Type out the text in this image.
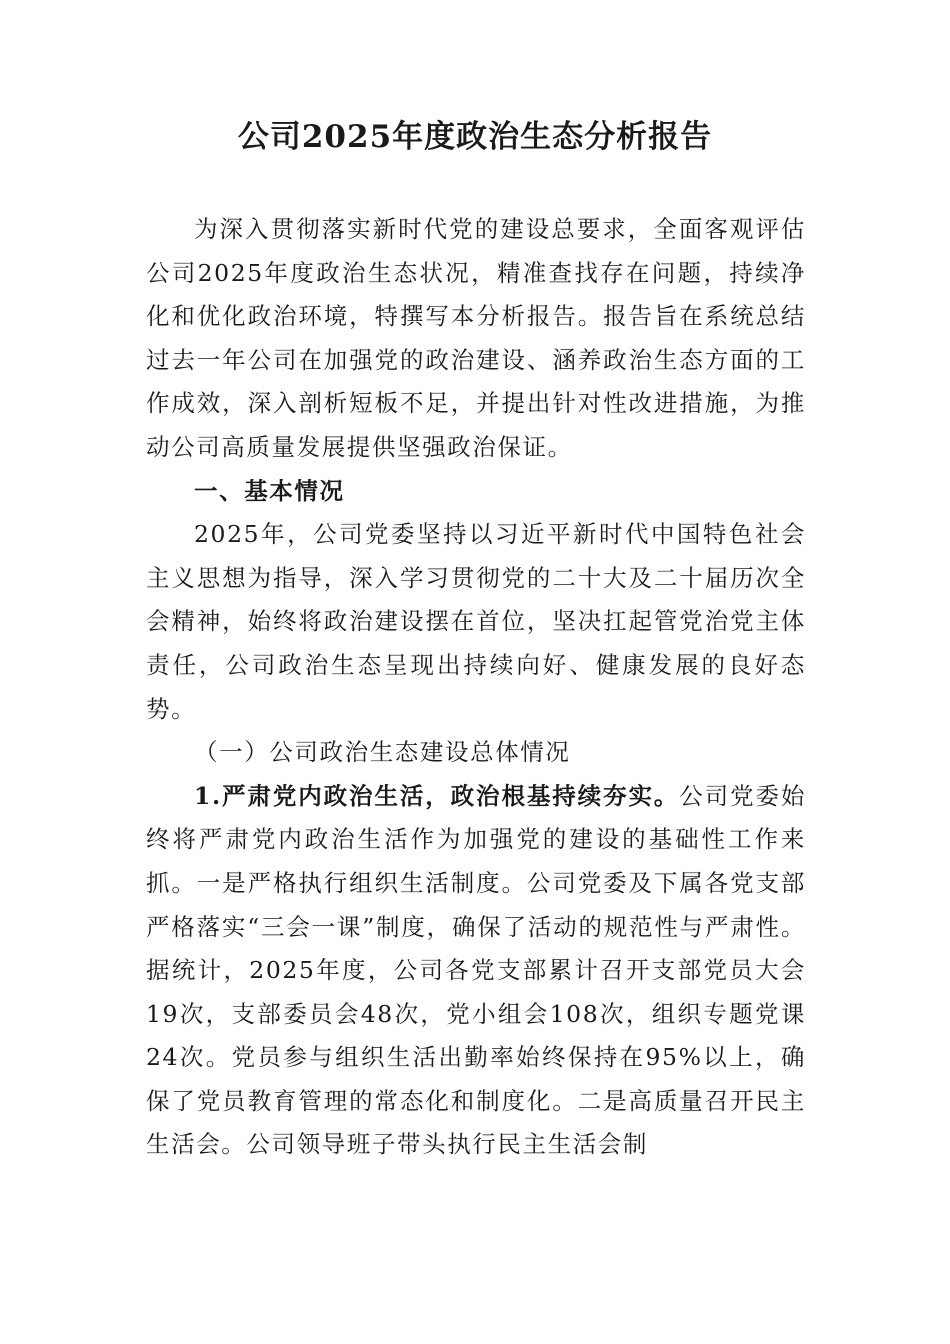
公司2025年度政治生态分析报告

为深入贯彻落实新时代党的建设总要求，全面客观评估公司2025年度政治生态状况，精准查找存在问题，持续净化和优化政治环境，特撰写本分析报告。报告旨在系统总结过去一年公司在加强党的政治建设、涵养政治生态方面的工作成效，深入剖析短板不足，并提出针对性改进措施，为推动公司高质量发展提供坚强政治保证。

一、基本情况

2025年，公司党委坚持以习近平新时代中国特色社会主义思想为指导，深入学习贯彻党的二十大及二十届历次全会精神，始终将政治建设摆在首位，坚决扛起管党治党主体责任，公司政治生态呈现出持续向好、健康发展的良好态势。

（一）公司政治生态建设总体情况

1.严肃党内政治生活，政治根基持续夯实。公司党委始终将严肃党内政治生活作为加强党的建设的基础性工作来抓。一是严格执行组织生活制度。公司党委及下属各党支部严格落实“三会一课”制度，确保了活动的规范性与严肃性。据统计，2025年度，公司各党支部累计召开支部党员大会19次，支部委员会48次，党小组会108次，组织专题党课24次。党员参与组织生活出勤率始终保持在95%以上，确保了党员教育管理的常态化和制度化。二是高质量召开民主生活会。公司领导班子带头执行民主生活会制
